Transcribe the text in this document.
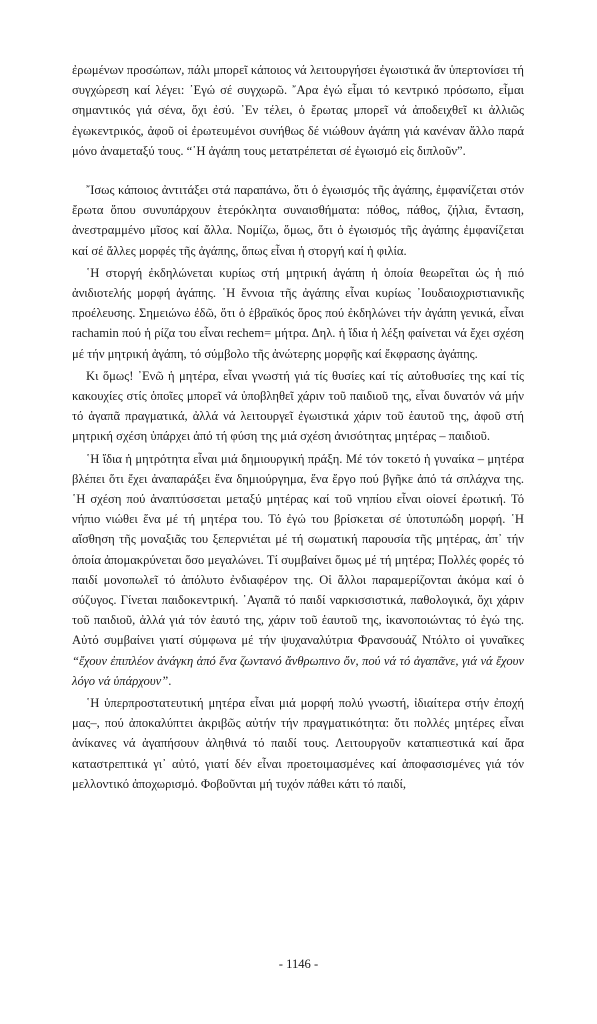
ἐρωμένων προσώπων, πάλι μπορεῖ κάποιος νά λειτουργήσει ἐγωιστικά ἄν ὑπερτονίσει τή συγχώρεση καί λέγει: ᾿Εγώ σέ συγχωρῶ. ῎Αρα ἐγώ εἶμαι τό κεντρικό πρόσωπο, εἶμαι σημαντικός γιά σένα, ὄχι ἐσύ. ᾿Εν τέλει, ὁ ἔρωτας μπορεῖ νά ἀποδειχθεῖ κι ἀλλιῶς ἐγωκεντρικός, ἀφοῦ οἱ ἐρωτευμένοι συνήθως δέ νιώθουν ἀγάπη γιά κανέναν ἄλλο παρά μόνο ἀναμεταξύ τους. “῾Η ἀγάπη τους μετατρέπεται σέ ἐγωισμό εἰς διπλοῦν”.

῎Ισως κάποιος ἀντιτάξει στά παραπάνω, ὅτι ὁ ἐγωισμός τῆς ἀγάπης, ἐμφανίζεται στόν ἔρωτα ὅπου συνυπάρχουν ἑτερόκλητα συναισθήματα: πόθος, πάθος, ζήλια, ἔνταση, ἀνεστραμμένο μῖσος καί ἄλλα. Νομίζω, ὅμως, ὅτι ὁ ἐγωισμός τῆς ἀγάπης ἐμφανίζεται καί σέ ἄλλες μορφές τῆς ἀγάπης, ὅπως εἶναι ἡ στοργή καί ἡ φιλία.

῾Η στοργή ἐκδηλώνεται κυρίως στή μητρική ἀγάπη ἡ ὁποία θεωρεῖται ὡς ἡ πιό ἀνιδιοτελής μορφή ἀγάπης. ῾Η ἔννοια τῆς ἀγάπης εἶναι κυρίως ᾿Ιουδαιοχριστιανικῆς προέλευσης. Σημειώνω ἐδῶ, ὅτι ὁ ἑβραϊκός ὅρος πού ἐκδηλώνει τήν ἀγάπη γενικά, εἶναι rachamin πού ἡ ρίζα του εἶναι rechem= μήτρα. Δηλ. ἡ ἴδια ἡ λέξη φαίνεται νά ἔχει σχέση μέ τήν μητρική ἀγάπη, τό σύμβολο τῆς ἀνώτερης μορφῆς καί ἔκφρασης ἀγάπης.

Κι ὅμως! ᾿Ενῶ ἡ μητέρα, εἶναι γνωστή γιά τίς θυσίες καί τίς αὐτοθυσίες της καί τίς κακουχίες στίς ὁποῖες μπορεῖ νά ὑποβληθεῖ χάριν τοῦ παιδιοῦ της, εἶναι δυνατόν νά μήν τό ἀγαπᾶ πραγματικά, ἀλλά νά λειτουργεῖ ἐγωιστικά χάριν τοῦ ἑαυτοῦ της, ἀφοῦ στή μητρική σχέση ὑπάρχει ἀπό τή φύση της μιά σχέση ἀνισότητας μητέρας – παιδιοῦ.

῾Η ἴδια ἡ μητρότητα εἶναι μιά δημιουργική πράξη. Μέ τόν τοκετό ἡ γυναίκα – μητέρα βλέπει ὅτι ἔχει ἀναπαράξει ἕνα δημιούργημα, ἕνα ἔργο πού βγῆκε ἀπό τά σπλάχνα της. ῾Η σχέση πού ἀναπτύσσεται μεταξύ μητέρας καί τοῦ νηπίου εἶναι οἱονεί ἐρωτική. Τό νήπιο νιώθει ἕνα μέ τή μητέρα του. Τό ἐγώ του βρίσκεται σέ ὑποτυπώδη μορφή. ῾Η αἴσθηση τῆς μοναξιᾶς του ξεπερνιέται μέ τή σωματική παρουσία τῆς μητέρας, ἀπ᾿ τήν ὁποία ἀπομακρύνεται ὅσο μεγαλώνει. Τί συμβαίνει ὅμως μέ τή μητέρα; Πολλές φορές τό παιδί μονοπωλεῖ τό ἀπόλυτο ἐνδιαφέρον της. Οἱ ἄλλοι παραμερίζονται ἀκόμα καί ὁ σύζυγος. Γίνεται παιδοκεντρική. ᾿Αγαπᾶ τό παιδί ναρκισσιστικά, παθολογικά, ὄχι χάριν τοῦ παιδιοῦ, ἀλλά γιά τόν ἑαυτό της, χάριν τοῦ ἑαυτοῦ της, ἱκανοποιώντας τό ἐγώ της. Αὐτό συμβαίνει γιατί σύμφωνα μέ τήν ψυχαναλύτρια Φρανσουάζ Ντόλτο οἱ γυναῖκες “ἔχουν ἐπιπλέον ἀνάγκη ἀπό ἕνα ζωντανό ἄνθρωπινο ὄν, πού νά τό ἀγαπᾶνε, γιά νά ἔχουν λόγο νά ὑπάρχουν”.

῾Η ὑπερπροστατευτική μητέρα εἶναι μιά μορφή πολύ γνωστή, ἰδιαίτερα στήν ἐποχή μας–, πού ἀποκαλύπτει ἀκριβῶς αὐτήν τήν πραγματικότητα: ὅτι πολλές μητέρες εἶναι ἀνίκανες νά ἀγαπήσουν ἀληθινά τό παιδί τους. Λειτουργοῦν καταπιεστικά καί ἄρα καταστρεπτικά γι᾿ αὐτό, γιατί δέν εἶναι προετοιμασμένες καί ἀποφασισμένες γιά τόν μελλοντικό ἀποχωρισμό. Φοβοῦνται μή τυχόν πάθει κάτι τό παιδί,

- 1146 -
